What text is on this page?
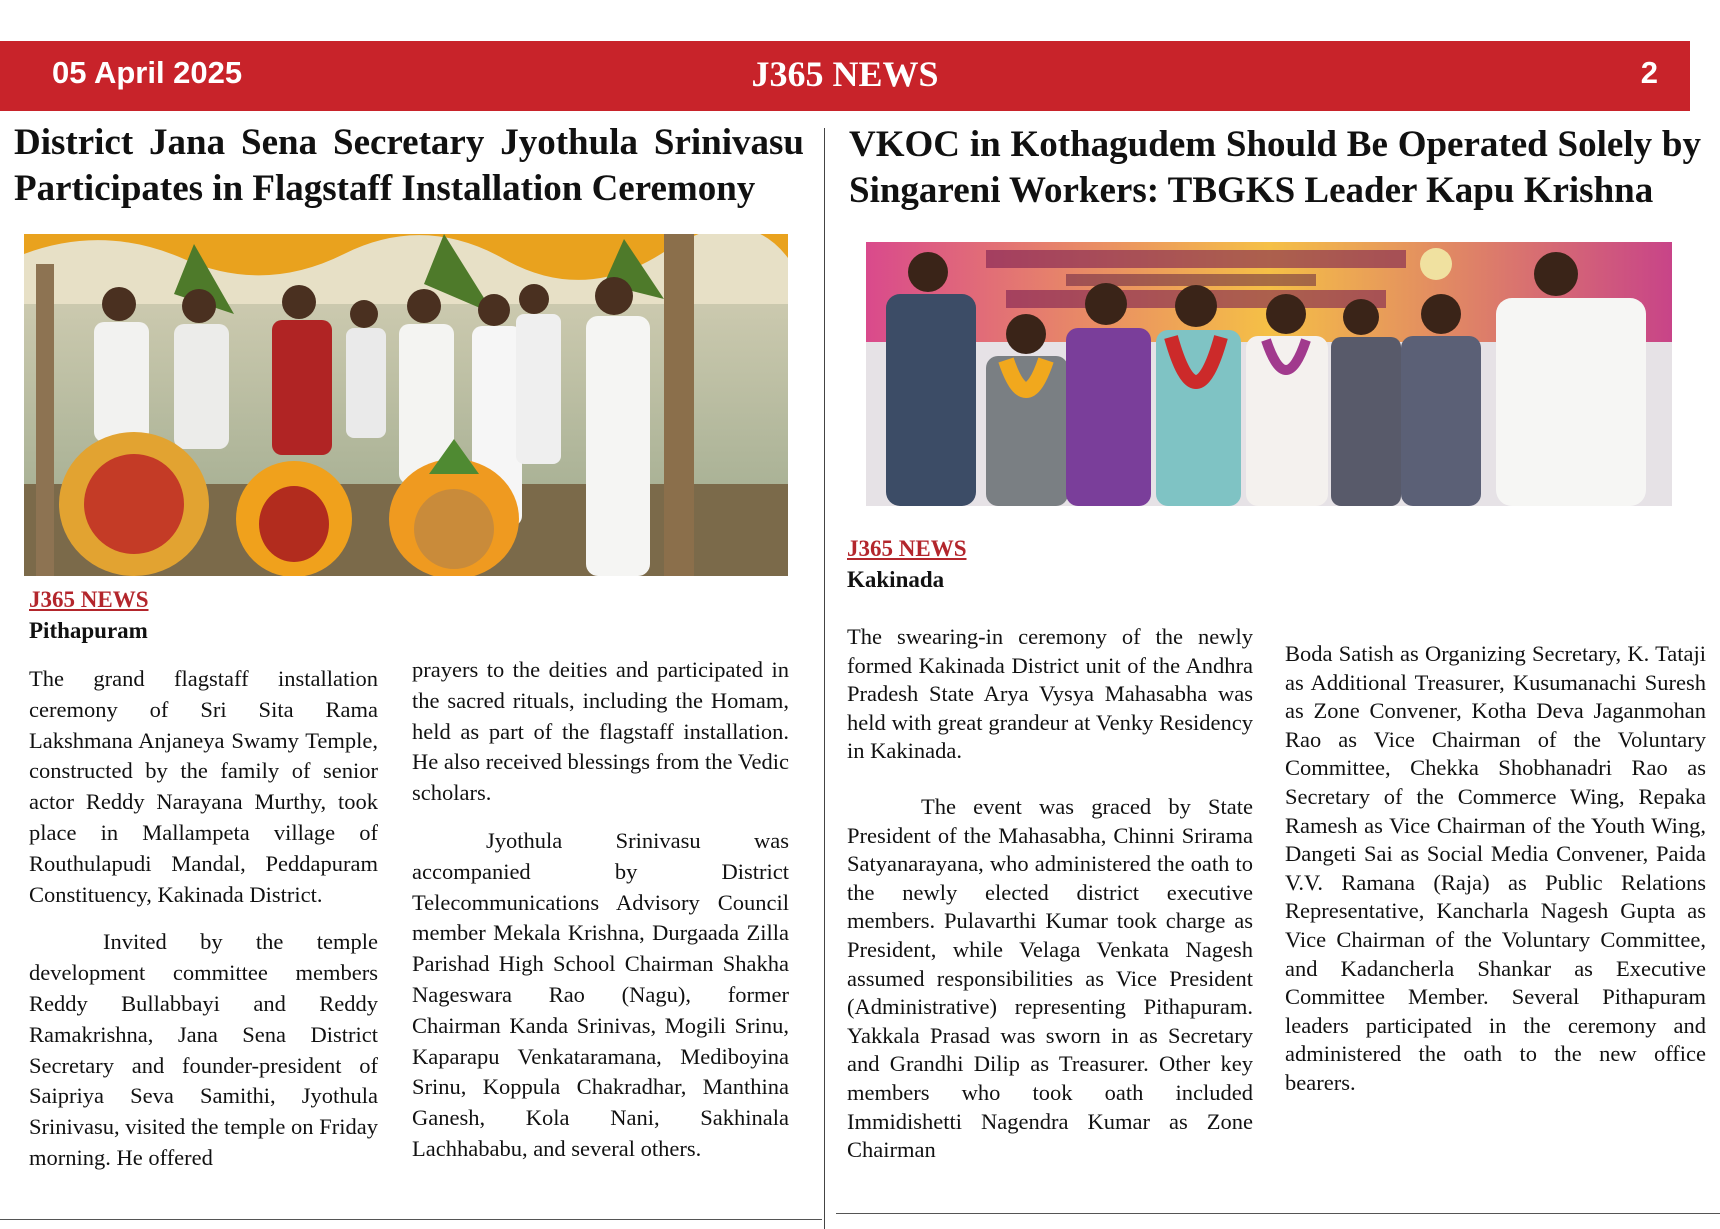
05 April 2025	J365 NEWS	2
District Jana Sena Secretary Jyothula Srinivasu Participates in Flagstaff Installation Ceremony

J365 NEWS

Pithapuram

The grand flagstaff installation ceremony of Sri Sita Rama Lakshmana Anjaneya Swamy Temple, constructed by the family of senior actor Reddy Narayana Murthy, took place in Mallampeta village of Routhulapudi Mandal, Peddapuram Constituency, Kakinada District.

Invited by the temple development committee members Reddy Bullabbayi and Reddy Ramakrishna, Jana Sena District Secretary and founder-president of Saipriya Seva Samithi, Jyothula Srinivasu, visited the temple on Friday morning. He offered

prayers to the deities and participated in the sacred rituals, including the Homam, held as part of the flagstaff installation. He also received blessings from the Vedic scholars.

Jyothula Srinivasu was accompanied by District Telecommunications Advisory Council member Mekala Krishna, Durgaada Zilla Parishad High School Chairman Shakha Nageswara Rao (Nagu), former Chairman Kanda Srinivas, Mogili Srinu, Kaparapu Venkataramana, Mediboyina Srinu, Koppula Chakradhar, Manthina Ganesh, Kola Nani, Sakhinala Lachhababu, and several others.

VKOC in Kothagudem Should Be Operated Solely by Singareni Workers: TBGKS Leader Kapu Krishna

J365 NEWS

Kakinada

The swearing-in ceremony of the newly formed Kakinada District unit of the Andhra Pradesh State Arya Vysya Mahasabha was held with great grandeur at Venky Residency in Kakinada.

The event was graced by State President of the Mahasabha, Chinni Srirama Satyanarayana, who administered the oath to the newly elected district executive members. Pulavarthi Kumar took charge as President, while Velaga Venkata Nagesh assumed responsibilities as Vice President (Administrative) representing Pithapuram. Yakkala Prasad was sworn in as Secretary and Grandhi Dilip as Treasurer. Other key members who took oath included Immidishetti Nagendra Kumar as Zone Chairman

Boda Satish as Organizing Secretary, K. Tataji as Additional Treasurer, Kusumanachi Suresh as Zone Convener, Kotha Deva Jaganmohan Rao as Vice Chairman of the Voluntary Committee, Chekka Shobhanadri Rao as Secretary of the Commerce Wing, Repaka Ramesh as Vice Chairman of the Youth Wing, Dangeti Sai as Social Media Convener, Paida V.V. Ramana (Raja) as Public Relations Representative, Kancharla Nagesh Gupta as Vice Chairman of the Voluntary Committee, and Kadancherla Shankar as Executive Committee Member. Several Pithapuram leaders participated in the ceremony and administered the oath to the new office bearers.
